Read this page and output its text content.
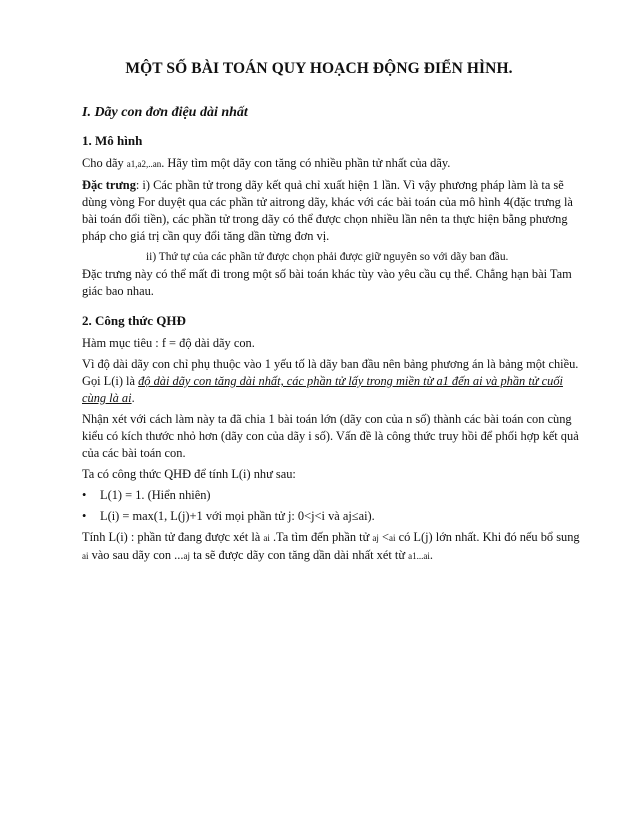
MỘT SỐ BÀI TOÁN QUY HOẠCH ĐỘNG ĐIỂN HÌNH.
I. Dãy con đơn điệu dài nhất
1. Mô hình

Cho dãy a1,a2,..an. Hãy tìm một dãy con tăng có nhiều phần tử nhất của dãy.

Đặc trưng: i) Các phần tử trong dãy kết quả chỉ xuất hiện 1 lần. Vì vậy phương pháp làm là ta sẽ dùng vòng For duyệt qua các phần tử aitrong dãy, khác với các bài toán của mô hình 4(đặc trưng là bài toán đổi tiền), các phần tử trong dãy có thể được chọn nhiều lần nên ta thực hiện bằng phương pháp cho giá trị cần quy đổi tăng dần từng đơn vị.

ii) Thứ tự của các phần tử được chọn phải được giữ nguyên so với dãy ban đầu.

Đặc trưng này có thể mất đi trong một số bài toán khác tùy vào yêu cầu cụ thể. Chẳng hạn bài Tam giác bao nhau.

2. Công thức QHĐ

Hàm mục tiêu : f = độ dài dãy con.

Vì độ dài dãy con chỉ phụ thuộc vào 1 yếu tố là dãy ban đầu nên bảng phương án là bảng một chiều. Gọi L(i) là độ dài dãy con tăng dài nhất, các phần tử lấy trong miền từ a1 đến ai và phần tử cuối cùng là ai.

Nhận xét với cách làm này ta đã chia 1 bài toán lớn (dãy con của n số) thành các bài toán con cùng kiểu có kích thước nhỏ hơn (dãy con của dãy i số). Vấn đề là công thức truy hồi để phối hợp kết quả của các bài toán con.

Ta có công thức QHĐ để tính L(i) như sau:

• L(1) = 1. (Hiển nhiên)

• L(i) = max(1, L(j)+1 với mọi phần tử j: 0<j<i và aj≤ai).

Tính L(i) : phần tử đang được xét là ai .Ta tìm đến phần tử aj <ai có L(j) lớn nhất. Khi đó nếu bổ sung ai vào sau dãy con ...aj ta sẽ được dãy con tăng dần dài nhất xét từ a1...ai.
